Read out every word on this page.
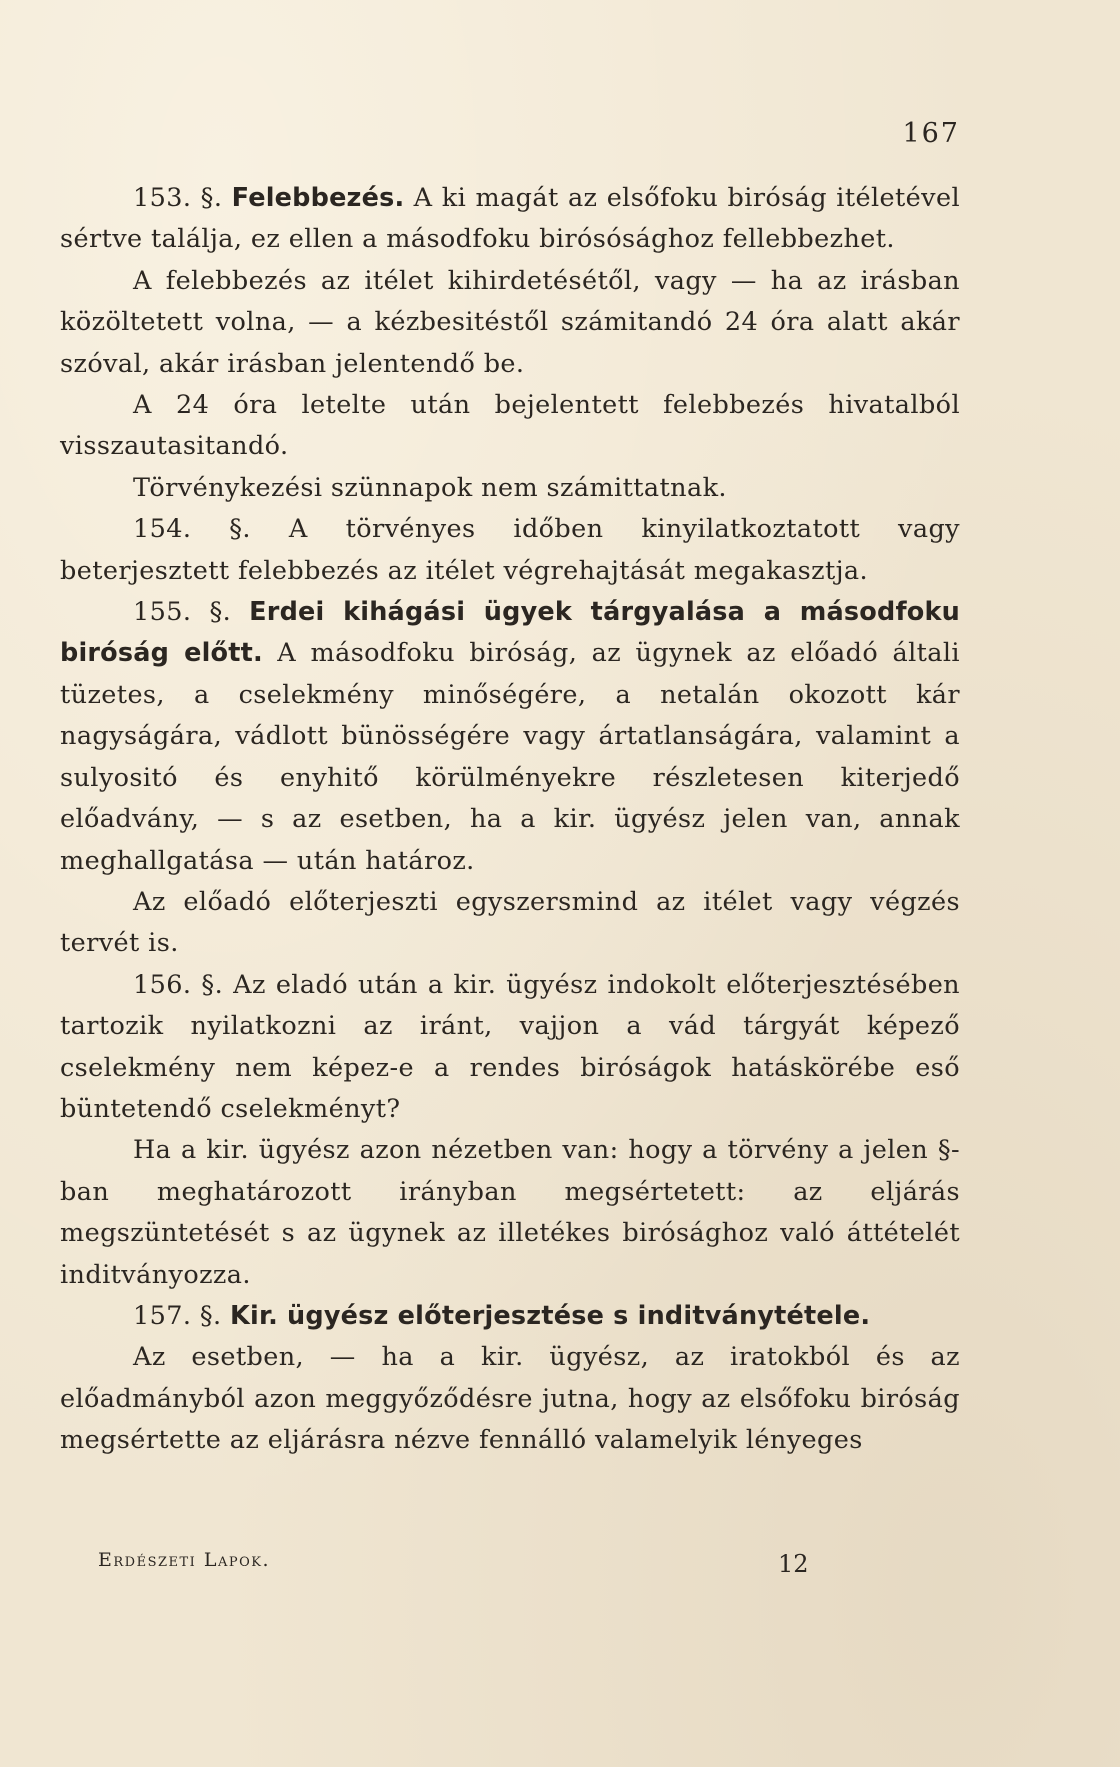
167

153. §. Felebbezés. A ki magát az elsőfoku biróság itéletével sértve találja, ez ellen a másodfoku birósósághoz fellebbezhet.

A felebbezés az itélet kihirdetésétől, vagy — ha az irásban közöltetett volna, — a kézbesitéstől számitandó 24 óra alatt akár szóval, akár irásban jelentendő be.

A 24 óra letelte után bejelentett felebbezés hivatalból visszautasitandó.

Törvénykezési szünnapok nem számittatnak.

154. §. A törvényes időben kinyilatkoztatott vagy beterjesztett felebbezés az itélet végrehajtását megakasztja.

155. §. Erdei kihágási ügyek tárgyalása a másodfoku biróság előtt. A másodfoku biróság, az ügynek az előadó általi tüzetes, a cselekmény minőségére, a netalán okozott kár nagyságára, vádlott bünösségére vagy ártatlanságára, valamint a sulyositó és enyhitő körülményekre részletesen kiterjedő előadvány, — s az esetben, ha a kir. ügyész jelen van, annak meghallgatása — után határoz.

Az előadó előterjeszti egyszersmind az itélet vagy végzés tervét is.

156. §. Az eladó után a kir. ügyész indokolt előterjesztésében tartozik nyilatkozni az iránt, vajjon a vád tárgyát képező cselekmény nem képez-e a rendes biróságok hatáskörébe eső büntetendő cselekményt?

Ha a kir. ügyész azon nézetben van: hogy a törvény a jelen §-ban meghatározott irányban megsértetett: az eljárás megszüntetését s az ügynek az illetékes birósághoz való áttételét inditványozza.

157. §. Kir. ügyész előterjesztése s inditványtétele.

Az esetben, — ha a kir. ügyész, az iratokból és az előadmányból azon meggyőződésre jutna, hogy az elsőfoku biróság megsértette az eljárásra nézve fennálló valamelyik lényeges

Erdészeti Lapok.	12
